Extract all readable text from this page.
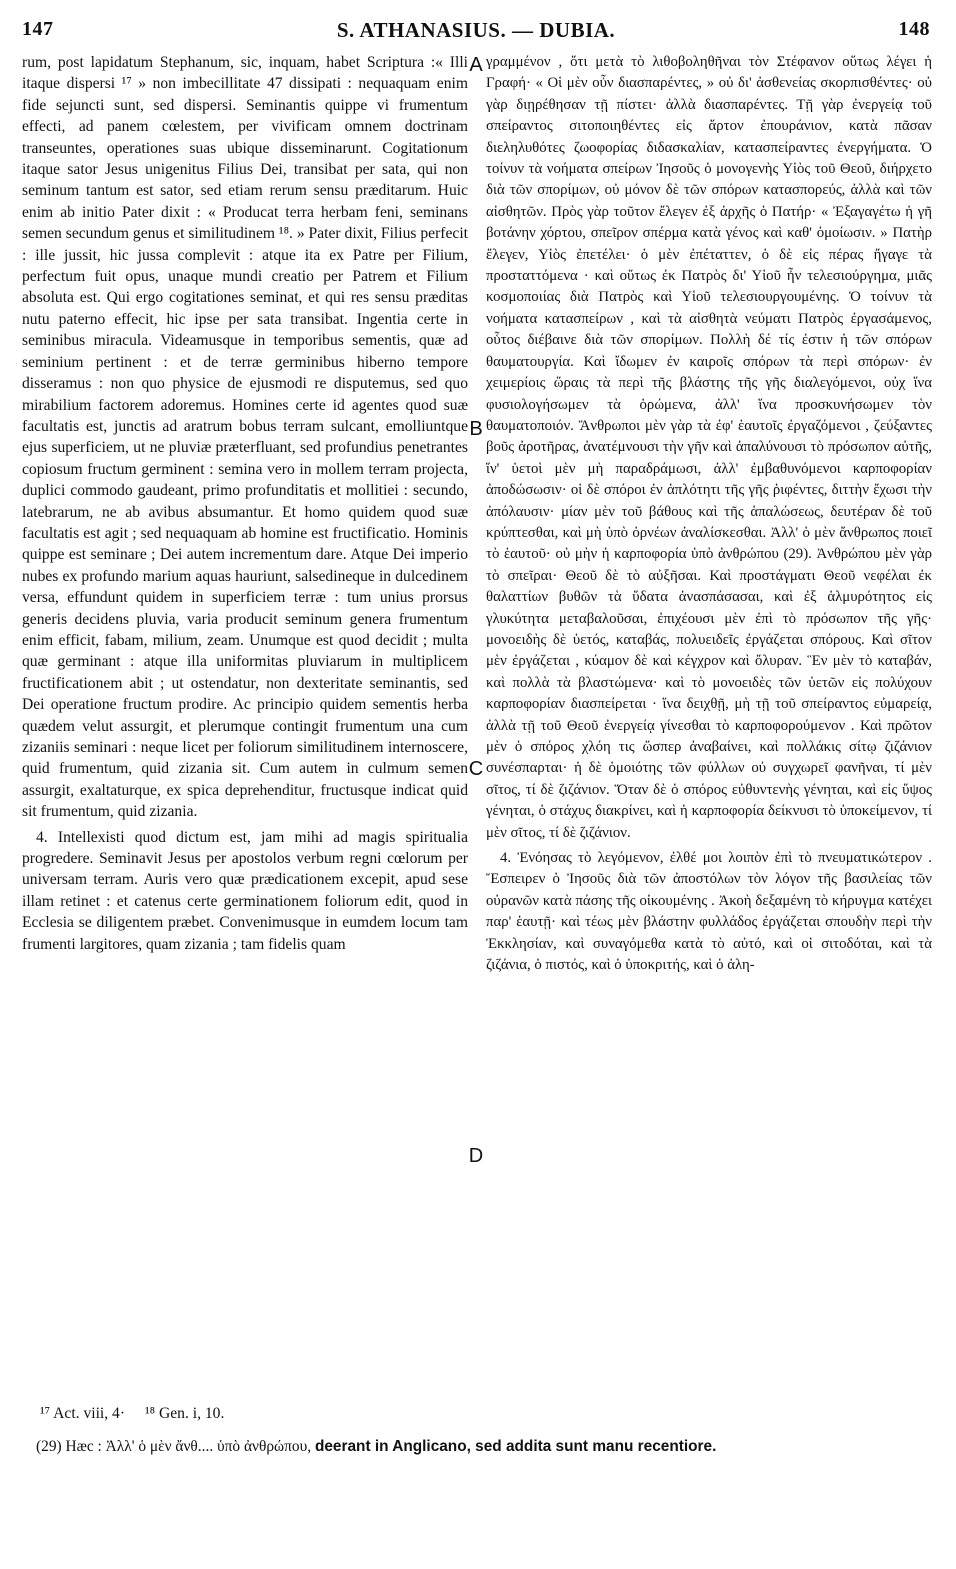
147	S. ATHANASIUS. — DUBIA.	148

rum, post lapidatum Stephanum, sic, inquam, habet Scriptura :« Illi itaque dispersi ¹⁷ » non imbecillitate 47 dissipati : nequaquam enim fide sejuncti sunt, sed dispersi. Seminantis quippe vi frumentum effecti, ad panem cœlestem, per vivificam omnem doctrinam transeuntes, operationes suas ubique disseminarunt. Cogitationum itaque sator Jesus unigenitus Filius Dei, transibat per sata, qui non seminum tantum est sator, sed etiam rerum sensu præditarum. Huic enim ab initio Pater dixit : « Producat terra herbam feni, seminans semen secundum genus et similitudinem ¹⁸. » Pater dixit, Filius perfecit : ille jussit, hic jussa complevit : atque ita ex Patre per Filium, perfectum fuit opus, unaque mundi creatio per Patrem et Filium absoluta est. Qui ergo cogitationes seminat, et qui res sensu præditas nutu paterno effecit, hic ipse per sata transibat. Ingentia certe in seminibus miracula. Videamusque in temporibus sementis, quæ ad seminium pertinent : et de terræ germinibus hiberno tempore disseramus : non quo physice de ejusmodi re disputemus, sed quo mirabilium factorem adoremus. Homines certe id agentes quod suæ facultatis est, junctis ad aratrum bobus terram sulcant, emolliuntque ejus superficiem, ut ne pluviæ præterfluant, sed profundius penetrantes copiosum fructum germinent : semina vero in mollem terram projecta, duplici commodo gaudeant, primo profunditatis et mollitiei : secundo, latebrarum, ne ab avibus absumantur. Et homo quidem quod suæ facultatis est agit ; sed nequaquam ab homine est fructificatio. Hominis quippe est seminare ; Dei autem incrementum dare. Atque Dei imperio nubes ex profundo marium aquas hauriunt, salsedineque in dulcedinem versa, effundunt quidem in superficiem terræ : tum unius prorsus generis decidens pluvia, varia producit seminum genera frumentum enim efficit, fabam, milium, zeam. Unumque est quod decidit ; multa quæ germinant : atque illa uniformitas pluviarum in multiplicem fructificationem abit ; ut ostendatur, non dexteritate seminantis, sed Dei operatione fructum prodire. Ac principio quidem sementis herba quædem velut assurgit, et plerumque contingit frumentum una cum zizaniis seminari : neque licet per foliorum similitudinem internoscere, quid frumentum, quid zizania sit. Cum autem in culmum semen assurgit, exaltaturque, ex spica deprehenditur, fructusque indicat quid sit frumentum, quid zizania.

4. Intellexisti quod dictum est, jam mihi ad magis spiritualia progredere. Seminavit Jesus per apostolos verbum regni cœlorum per universam terram. Auris vero quæ prædicationem excepit, apud sese illam retinet : et catenus certe germinationem foliorum edit, quod in Ecclesia se diligentem præbet. Convenimusque in eumdem locum tam frumenti largitores, quam zizania ; tam fidelis quam

A
B
C
D

γραμμένον , ὅτι μετὰ τὸ λιθοβοληθῆναι τὸν Στέφανον οὕτως λέγει ἡ Γραφή· « Οἱ μὲν οὖν διασπαρέντες, » οὐ δι' ἀσθενείας σκορπισθέντες· οὐ γὰρ διῃρέθησαν τῇ πίστει· ἀλλὰ διασπαρέντες. Τῇ γὰρ ἐνεργείᾳ τοῦ σπείραντος σιτοποιηθέντες εἰς ἄρτον ἐπουράνιον, κατὰ πᾶσαν διεληλυθότες ζωοφορίας διδασκαλίαν, κατασπείραντες ἐνεργήματα. Ὁ τοίνυν τὰ νοήματα σπείρων Ἰησοῦς ὁ μονογενὴς Υἱὸς τοῦ Θεοῦ, διήρχετο διὰ τῶν σπορίμων, οὐ μόνον δὲ τῶν σπόρων κατασπορεύς, ἀλλὰ καὶ τῶν αἰσθητῶν. Πρὸς γὰρ τοῦτον ἔλεγεν ἐξ ἀρχῆς ὁ Πατήρ· « Ἐξαγαγέτω ἡ γῆ βοτάνην χόρτου, σπεῖρον σπέρμα κατὰ γένος καὶ καθ' ὁμοίωσιν. » Πατὴρ ἔλεγεν, Υἱὸς ἐπετέλει· ὁ μὲν ἐπέταττεν, ὁ δὲ εἰς πέρας ἤγαγε τὰ προσταττόμενα · καὶ οὕτως ἐκ Πατρὸς δι' Υἱοῦ ἦν τελεσιούργημα, μιᾶς κοσμοποιίας διὰ Πατρὸς καὶ Υἱοῦ τελεσιουργουμένης. Ὁ τοίνυν τὰ νοήματα κατασπείρων , καὶ τὰ αἰσθητὰ νεύματι Πατρὸς ἐργασάμενος, οὗτος διέβαινε διὰ τῶν σπορίμων. Πολλὴ δέ τίς ἐστιν ἡ τῶν σπόρων θαυματουργία. Καὶ ἴδωμεν ἐν καιροῖς σπόρων τὰ περὶ σπόρων· ἐν χειμερίοις ὥραις τὰ περὶ τῆς βλάστης τῆς γῆς διαλεγόμενοι, οὐχ ἵνα φυσιολογήσωμεν τὰ ὁρώμενα, ἀλλ' ἵνα προσκυνήσωμεν τὸν θαυματοποιόν. Ἄνθρωποι μὲν γὰρ τὰ ἐφ' ἑαυτοῖς ἐργαζόμενοι , ζεύξαντες βοῦς ἀροτῆρας, ἀνατέμνουσι τὴν γῆν καὶ ἁπαλύνουσι τὸ πρόσωπον αὐτῆς, ἵν' ὑετοὶ μὲν μὴ παραδράμωσι, ἀλλ' ἐμβαθυνόμενοι καρποφορίαν ἀποδώσωσιν· οἱ δὲ σπόροι ἐν ἁπλότητι τῆς γῆς ῥιφέντες, διττὴν ἔχωσι τὴν ἀπόλαυσιν· μίαν μὲν τοῦ βάθους καὶ τῆς ἁπαλώσεως, δευτέραν δὲ τοῦ κρύπτεσθαι, καὶ μὴ ὑπὸ ὀρνέων ἀναλίσκεσθαι. Ἀλλ' ὁ μὲν ἄνθρωπος ποιεῖ τὸ ἑαυτοῦ· οὐ μὴν ἡ καρποφορία ὑπὸ ἀνθρώπου (29). Ἀνθρώπου μὲν γὰρ τὸ σπεῖραι· Θεοῦ δὲ τὸ αὐξῆσαι. Καὶ προστάγματι Θεοῦ νεφέλαι ἐκ θαλαττίων βυθῶν τὰ ὕδατα ἀνασπάσασαι, καὶ ἐξ ἁλμυρότητος εἰς γλυκύτητα μεταβαλοῦσαι, ἐπιχέουσι μὲν ἐπὶ τὸ πρόσωπον τῆς γῆς· μονοειδὴς δὲ ὑετός, καταβάς, πολυειδεῖς ἐργάζεται σπόρους. Καὶ σῖτον μὲν ἐργάζεται , κύαμον δὲ καὶ κέγχρον καὶ ὄλυραν. Ἓν μὲν τὸ καταβάν, καὶ πολλὰ τὰ βλαστώμενα· καὶ τὸ μονοειδὲς τῶν ὑετῶν εἰς πολύχουν καρποφορίαν διασπείρεται · ἵνα δειχθῇ, μὴ τῇ τοῦ σπείραντος εὐμαρείᾳ, ἀλλὰ τῇ τοῦ Θεοῦ ἐνεργείᾳ γίνεσθαι τὸ καρποφορούμενον . Καὶ πρῶτον μὲν ὁ σπόρος χλόη τις ὥσπερ ἀναβαίνει, καὶ πολλάκις σίτῳ ζιζάνιον συνέσπαρται· ἡ δὲ ὁμοιότης τῶν φύλλων οὐ συγχωρεῖ φανῆναι, τί μὲν σῖτος, τί δὲ ζιζάνιον. Ὅταν δὲ ὁ σπόρος εὐθυντενὴς γένηται, καὶ εἰς ὕψος γένηται, ὁ στάχυς διακρίνει, καὶ ἡ καρποφορία δείκνυσι τὸ ὑποκείμενον, τί μὲν σῖτος, τί δὲ ζιζάνιον.

4. Ἐνόησας τὸ λεγόμενον, ἐλθέ μοι λοιπὸν ἐπὶ τὸ πνευματικώτερον . Ἔσπειρεν ὁ Ἰησοῦς διὰ τῶν ἀποστόλων τὸν λόγον τῆς βασιλείας τῶν οὐρανῶν κατὰ πάσης τῆς οἰκουμένης . Ἀκοὴ δεξαμένη τὸ κήρυγμα κατέχει παρ' ἑαυτῇ· καὶ τέως μὲν βλάστην φυλλάδος ἐργάζεται σπουδὴν περὶ τὴν Ἐκκλησίαν, καὶ συναγόμεθα κατὰ τὸ αὐτό, καὶ οἱ σιτοδόται, καὶ τὰ ζιζάνια, ὁ πιστός, καὶ ὁ ὑποκριτής, καὶ ὁ ἀλη-

¹⁷ Act. viii, 4· ¹⁸ Gen. i, 10.
(29) Hæc : Ἀλλ' ὁ μὲν ἄνθ.... ὑπὸ ἀνθρώπου, deerant in Anglicano, sed addita sunt manu recentiore.
